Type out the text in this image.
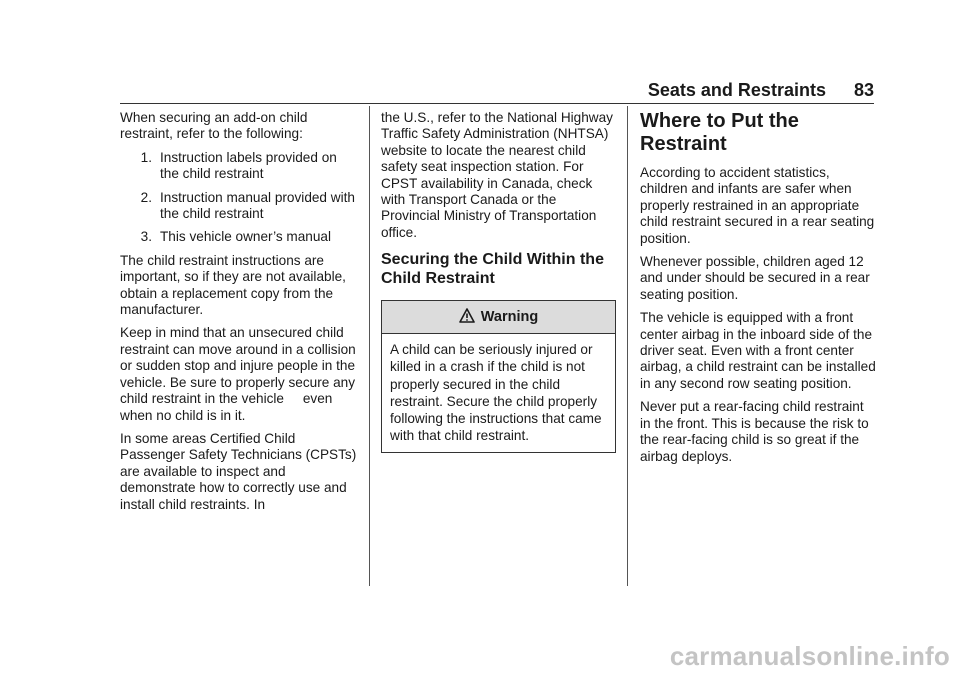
Seats and Restraints 83

When securing an add-on child restraint, refer to the following:

1. Instruction labels provided on the child restraint
2. Instruction manual provided with the child restraint
3. This vehicle owner’s manual

The child restraint instructions are important, so if they are not available, obtain a replacement copy from the manufacturer.

Keep in mind that an unsecured child restraint can move around in a collision or sudden stop and injure people in the vehicle. Be sure to properly secure any child restraint in the vehicle     even when no child is in it.

In some areas Certified Child Passenger Safety Technicians (CPSTs) are available to inspect and demonstrate how to correctly use and install child restraints. In

the U.S., refer to the National Highway Traffic Safety Administration (NHTSA) website to locate the nearest child safety seat inspection station. For CPST availability in Canada, check with Transport Canada or the Provincial Ministry of Transportation office.

Securing the Child Within the Child Restraint
Warning
A child can be seriously injured or killed in a crash if the child is not properly secured in the child restraint. Secure the child properly following the instructions that came with that child restraint.
Where to Put the Restraint

According to accident statistics, children and infants are safer when properly restrained in an appropriate child restraint secured in a rear seating position.

Whenever possible, children aged 12 and under should be secured in a rear seating position.

The vehicle is equipped with a front center airbag in the inboard side of the driver seat. Even with a front center airbag, a child restraint can be installed in any second row seating position.

Never put a rear-facing child restraint in the front. This is because the risk to the rear-facing child is so great if the airbag deploys.

carmanualsonline.info
